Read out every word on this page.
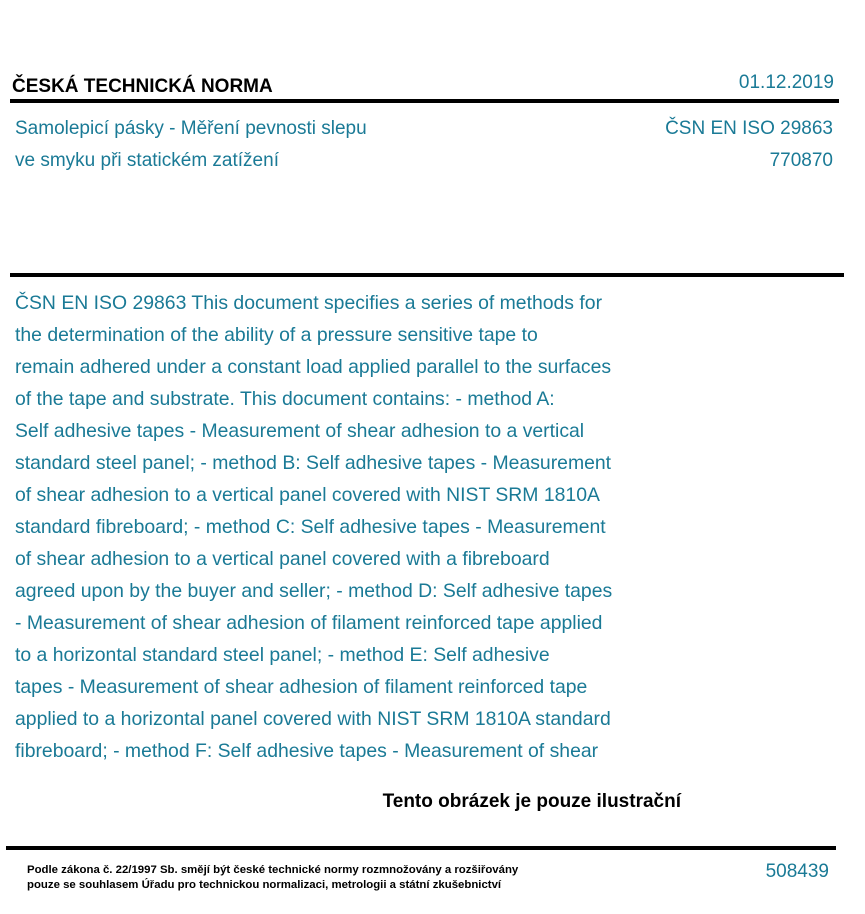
ČESKÁ TECHNICKÁ NORMA	01.12.2019
Samolepicí pásky - Měření pevnosti slepu
ve smyku při statickém zatížení
ČSN EN ISO 29863
770870
ČSN EN ISO 29863 This document specifies a series of methods for
the determination of the ability of a pressure sensitive tape to
remain adhered under a constant load applied parallel to the surfaces
of the tape and substrate. This document contains: - method A:
Self adhesive tapes - Measurement of shear adhesion to a vertical
standard steel panel; - method B: Self adhesive tapes - Measurement
of shear adhesion to a vertical panel covered with NIST SRM 1810A
standard fibreboard; - method C: Self adhesive tapes - Measurement
of shear adhesion to a vertical panel covered with a fibreboard
agreed upon by the buyer and seller; - method D: Self adhesive tapes
- Measurement of shear adhesion of filament reinforced tape applied
to a horizontal standard steel panel; - method E: Self adhesive
tapes - Measurement of shear adhesion of filament reinforced tape
applied to a horizontal panel covered with NIST SRM 1810A standard
fibreboard; - method F: Self adhesive tapes - Measurement of shear
Tento obrázek je pouze ilustrační
Podle zákona č. 22/1997 Sb. smějí být české technické normy rozmnožovány a rozšiřovány
pouze se souhlasem Úřadu pro technickou normalizaci, metrologii a státní zkušebnictví
508439
